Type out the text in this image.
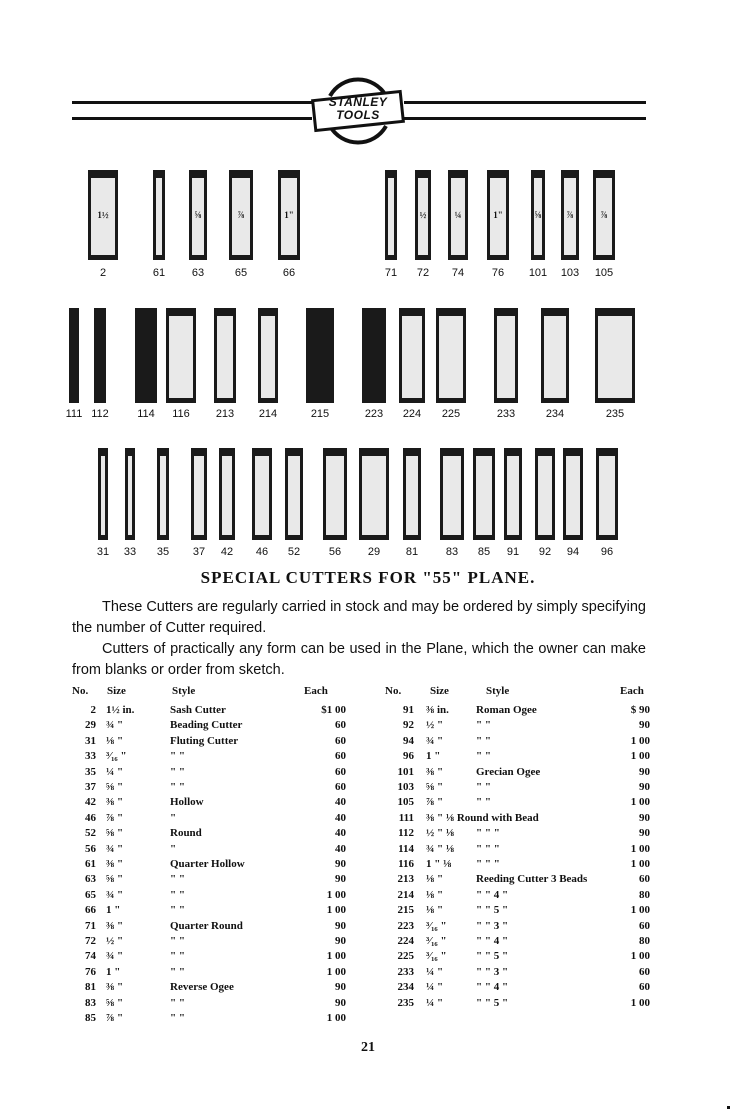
STANLEY
TOOLS
1½
2	61
⅝
63
⅞
65
1"
66	71
½
72
¼
74
1"
76
⅝
101
⅞
103
⅞
105
111 112	114	116	213	214	215	223	224	225	233	234	235
31	33	35	37	42	46	52	56	29	81	83	85	91	92	94	96
SPECIAL CUTTERS FOR "55" PLANE.
These Cutters are regularly carried in stock and may be ordered by simply specifying the number of Cutter required.
Cutters of practically any form can be used in the Plane, which the owner can make from blanks or order from sketch.
No. Size	Style	Each	No.	Size	Style	Each
2 1½ in.	Sash Cutter	$1 00
29 ¾ "	Beading Cutter	60
31 ⅛ "	Fluting Cutter	60
33 ³⁄₁₆ "	" "	60
35 ¼ "	" "	60
37 ⅝ "	" "	60
42 ⅜ "	Hollow	40
46 ⅞ "	"	40
52 ⅝ "	Round	40
56 ¾ "	"	40
61 ⅜ "	Quarter Hollow	90
63 ⅝ "	" "	90
65 ¾ "	" "	1 00
66 1 "	" "	1 00
71 ⅜ "	Quarter Round	90
72 ½ "	" "	90
74 ¾ "	" "	1 00
76 1 "	" "	1 00
81 ⅜ "	Reverse Ogee	90
83 ⅝ "	" "	90
85 ⅞ "	" "	1 00
91 ⅜ in. Roman Ogee	$ 90
92 ½ "	" "	90
94 ¾ "	" "	1 00
96 1 "	" "	1 00
101 ⅜ "	Grecian Ogee	90
103 ⅝ "	" "	90
105 ⅞ "	" "	1 00
111 ⅜ " ⅛ Round with Bead	90
112 ½ " ⅛ " " "	90
114 ¾ " ⅛ " " "	1 00
116 1 " ⅛ " " "	1 00
213 ⅛ "	Reeding Cutter 3 Beads	60
214 ⅛ "	" " 4 "	80
215 ⅛ "	" " 5 "	1 00
223 ³⁄₁₆ "	" " 3 "	60
224 ³⁄₁₆ "	" " 4 "	80
225 ³⁄₁₆ "	" " 5 "	1 00
233 ¼ "	" " 3 "	60
234 ¼ "	" " 4 "	60
235 ¼ "	" " 5 "	1 00
21
